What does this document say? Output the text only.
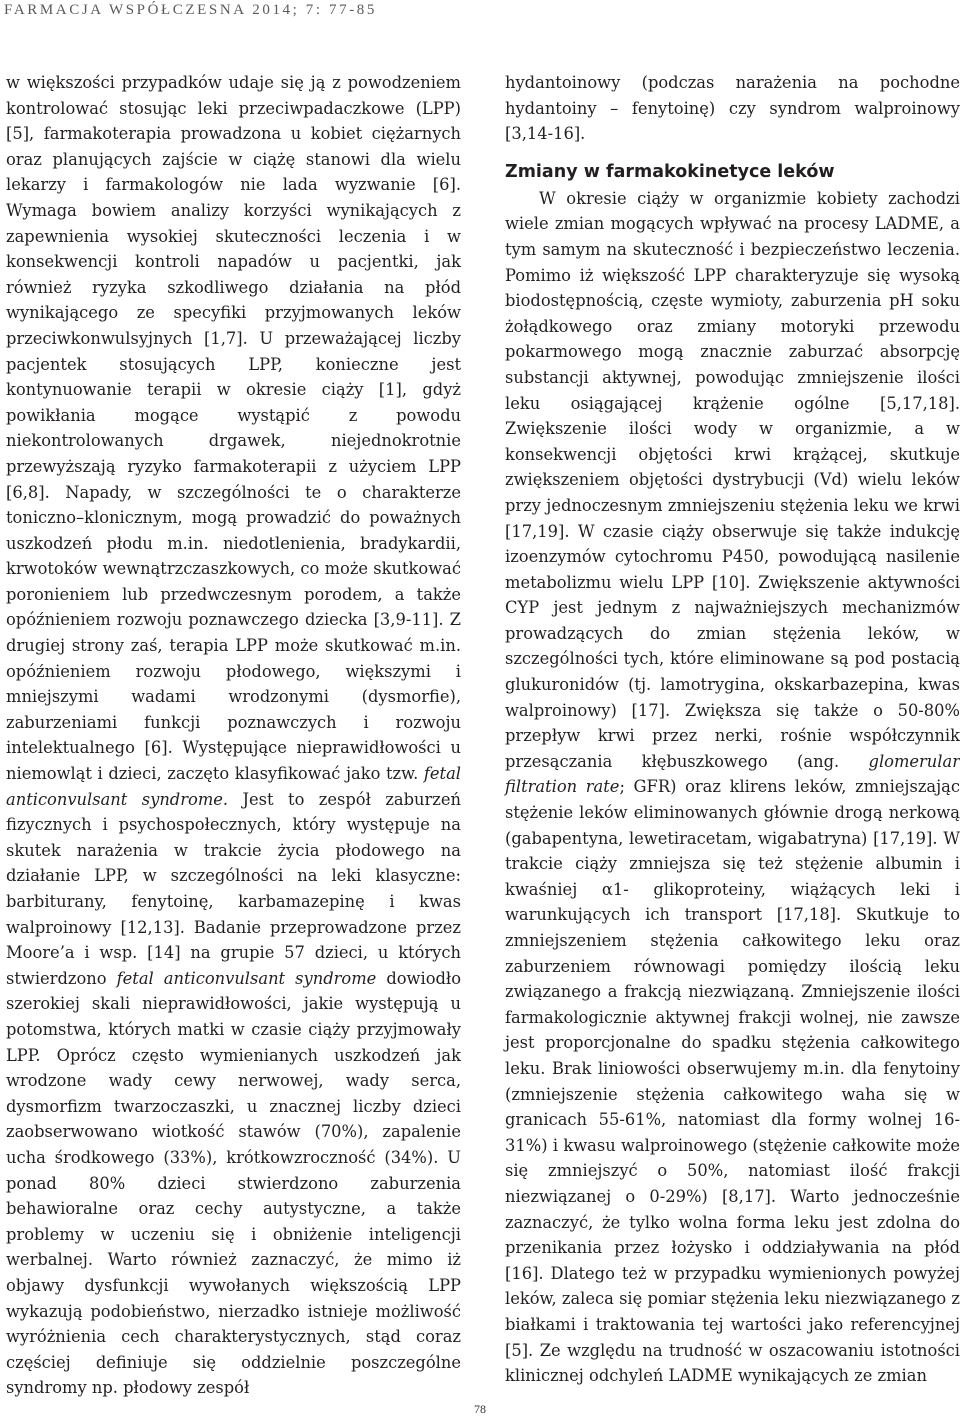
FARMACJA WSPÓŁCZESNA 2014; 7: 77-85

w większości przypadków udaje się ją z powodzeniem kontrolować stosując leki przeciwpadaczkowe (LPP) [5], farmakoterapia prowadzona u kobiet ciężarnych oraz planujących zajście w ciążę stanowi dla wielu lekarzy i farmakologów nie lada wyzwanie [6]. Wymaga bowiem analizy korzyści wynikających z zapewnienia wysokiej skuteczności leczenia i w konsekwencji kontroli napadów u pacjentki, jak również ryzyka szkodliwego działania na płód wynikającego ze specyfiki przyjmowanych leków przeciwkonwulsyjnych [1,7]. U przeważającej liczby pacjentek stosujących LPP, konieczne jest kontynuowanie terapii w okresie ciąży [1], gdyż powikłania mogące wystąpić z powodu niekontrolowanych drgawek, niejednokrotnie przewyższają ryzyko farmakoterapii z użyciem LPP [6,8]. Napady, w szczególności te o charakterze toniczno–klonicznym, mogą prowadzić do poważnych uszkodzeń płodu m.in. niedotlenienia, bradykardii, krwotoków wewnątrzczaszkowych, co może skutkować poronieniem lub przedwczesnym porodem, a także opóźnieniem rozwoju poznawczego dziecka [3,9-11]. Z drugiej strony zaś, terapia LPP może skutkować m.in. opóźnieniem rozwoju płodowego, większymi i mniejszymi wadami wrodzonymi (dysmorfie), zaburzeniami funkcji poznawczych i rozwoju intelektualnego [6]. Występujące nieprawidłowości u niemowląt i dzieci, zaczęto klasyfikować jako tzw. fetal anticonvulsant syndrome. Jest to zespół zaburzeń fizycznych i psychospołecznych, który występuje na skutek narażenia w trakcie życia płodowego na działanie LPP, w szczególności na leki klasyczne: barbiturany, fenytoinę, karbamazepinę i kwas walproinowy [12,13]. Badanie przeprowadzone przez Moore’a i wsp. [14] na grupie 57 dzieci, u których stwierdzono fetal anticonvulsant syndrome dowiodło szerokiej skali nieprawidłowości, jakie występują u potomstwa, których matki w czasie ciąży przyjmowały LPP. Oprócz często wymienianych uszkodzeń jak wrodzone wady cewy nerwowej, wady serca, dysmorfizm twarzoczaszki, u znacznej liczby dzieci zaobserwowano wiotkość stawów (70%), zapalenie ucha środkowego (33%), krótkowzroczność (34%). U ponad 80% dzieci stwierdzono zaburzenia behawioralne oraz cechy autystyczne, a także problemy w uczeniu się i obniżenie inteligencji werbalnej. Warto również zaznaczyć, że mimo iż objawy dysfunkcji wywołanych większością LPP wykazują podobieństwo, nierzadko istnieje możliwość wyróżnienia cech charakterystycznych, stąd coraz częściej definiuje się oddzielnie poszczególne syndromy np. płodowy zespół

hydantoinowy (podczas narażenia na pochodne hydantoiny – fenytoinę) czy syndrom walproinowy [3,14-16].

Zmiany w farmakokinetyce leków

W okresie ciąży w organizmie kobiety zachodzi wiele zmian mogących wpływać na procesy LADME, a tym samym na skuteczność i bezpieczeństwo leczenia. Pomimo iż większość LPP charakteryzuje się wysoką biodostępnością, częste wymioty, zaburzenia pH soku żołądkowego oraz zmiany motoryki przewodu pokarmowego mogą znacznie zaburzać absorpcję substancji aktywnej, powodując zmniejszenie ilości leku osiągającej krążenie ogólne [5,17,18]. Zwiększenie ilości wody w organizmie, a w konsekwencji objętości krwi krążącej, skutkuje zwiększeniem objętości dystrybucji (Vd) wielu leków przy jednoczesnym zmniejszeniu stężenia leku we krwi [17,19]. W czasie ciąży obserwuje się także indukcję izoenzymów cytochromu P450, powodującą nasilenie metabolizmu wielu LPP [10]. Zwiększenie aktywności CYP jest jednym z najważniejszych mechanizmów prowadzących do zmian stężenia leków, w szczególności tych, które eliminowane są pod postacią glukuronidów (tj. lamotrygina, okskarbazepina, kwas walproinowy) [17]. Zwiększa się także o 50-80% przepływ krwi przez nerki, rośnie współczynnik przesączania kłębuszkowego (ang. glomerular filtration rate; GFR) oraz klirens leków, zmniejszając stężenie leków eliminowanych głównie drogą nerkową (gabapentyna, lewetiracetam, wigabatryna) [17,19]. W trakcie ciąży zmniejsza się też stężenie albumin i kwaśniej α1- glikoproteiny, wiążących leki i warunkujących ich transport [17,18]. Skutkuje to zmniejszeniem stężenia całkowitego leku oraz zaburzeniem równowagi pomiędzy ilością leku związanego a frakcją niezwiązaną. Zmniejszenie ilości farmakologicznie aktywnej frakcji wolnej, nie zawsze jest proporcjonalne do spadku stężenia całkowitego leku. Brak liniowości obserwujemy m.in. dla fenytoiny (zmniejszenie stężenia całkowitego waha się w granicach 55-61%, natomiast dla formy wolnej 16-31%) i kwasu walproinowego (stężenie całkowite może się zmniejszyć o 50%, natomiast ilość frakcji niezwiązanej o 0-29%) [8,17]. Warto jednocześnie zaznaczyć, że tylko wolna forma leku jest zdolna do przenikania przez łożysko i oddziaływania na płód [16]. Dlatego też w przypadku wymienionych powyżej leków, zaleca się pomiar stężenia leku niezwiązanego z białkami i traktowania tej wartości jako referencyjnej [5]. Ze względu na trudność w oszacowaniu istotności klinicznej odchyleń LADME wynikających ze zmian

78
